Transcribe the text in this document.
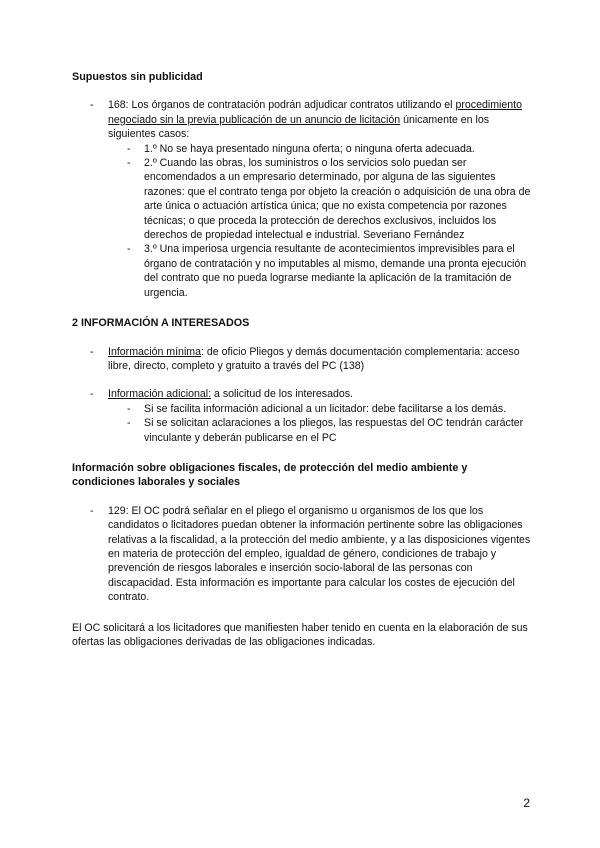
Supuestos sin publicidad
- 168: Los órganos de contratación podrán adjudicar contratos utilizando el procedimiento negociado sin la previa publicación de un anuncio de licitación únicamente en los siguientes casos:
- 1.º No se haya presentado ninguna oferta; o ninguna oferta adecuada.
- 2.º Cuando las obras, los suministros o los servicios solo puedan ser encomendados a un empresario determinado, por alguna de las siguientes razones: que el contrato tenga por objeto la creación o adquisición de una obra de arte única o actuación artística única; que no exista competencia por razones técnicas; o que proceda la protección de derechos exclusivos, incluidos los derechos de propiedad intelectual e industrial. Severiano Fernández
- 3.º Una imperiosa urgencia resultante de acontecimientos imprevisibles para el órgano de contratación y no imputables al mismo, demande una pronta ejecución del contrato que no pueda lograrse mediante la aplicación de la tramitación de urgencia.
2 INFORMACIÓN A INTERESADOS
- Información mínima: de oficio Pliegos y demás documentación complementaria: acceso libre, directo, completo y gratuito a través del PC (138)
- Información adicional: a solicitud de los interesados.
- Si se facilita información adicional a un licitador: debe facilitarse a los demás.
- Si se solicitan aclaraciones a los pliegos, las respuestas del OC tendrán carácter vinculante y deberán publicarse en el PC
Información sobre obligaciones fiscales, de protección del medio ambiente y condiciones laborales y sociales
- 129: El OC podrá señalar en el pliego el organismo u organismos de los que los candidatos o licitadores puedan obtener la información pertinente sobre las obligaciones relativas a la fiscalidad, a la protección del medio ambiente, y a las disposiciones vigentes en materia de protección del empleo, igualdad de género, condiciones de trabajo y prevención de riesgos laborales e inserción socio-laboral de las personas con discapacidad. Esta información es importante para calcular los costes de ejecución del contrato.

El OC solicitará a los licitadores que manifiesten haber tenido en cuenta en la elaboración de sus ofertas las obligaciones derivadas de las obligaciones indicadas.

2
